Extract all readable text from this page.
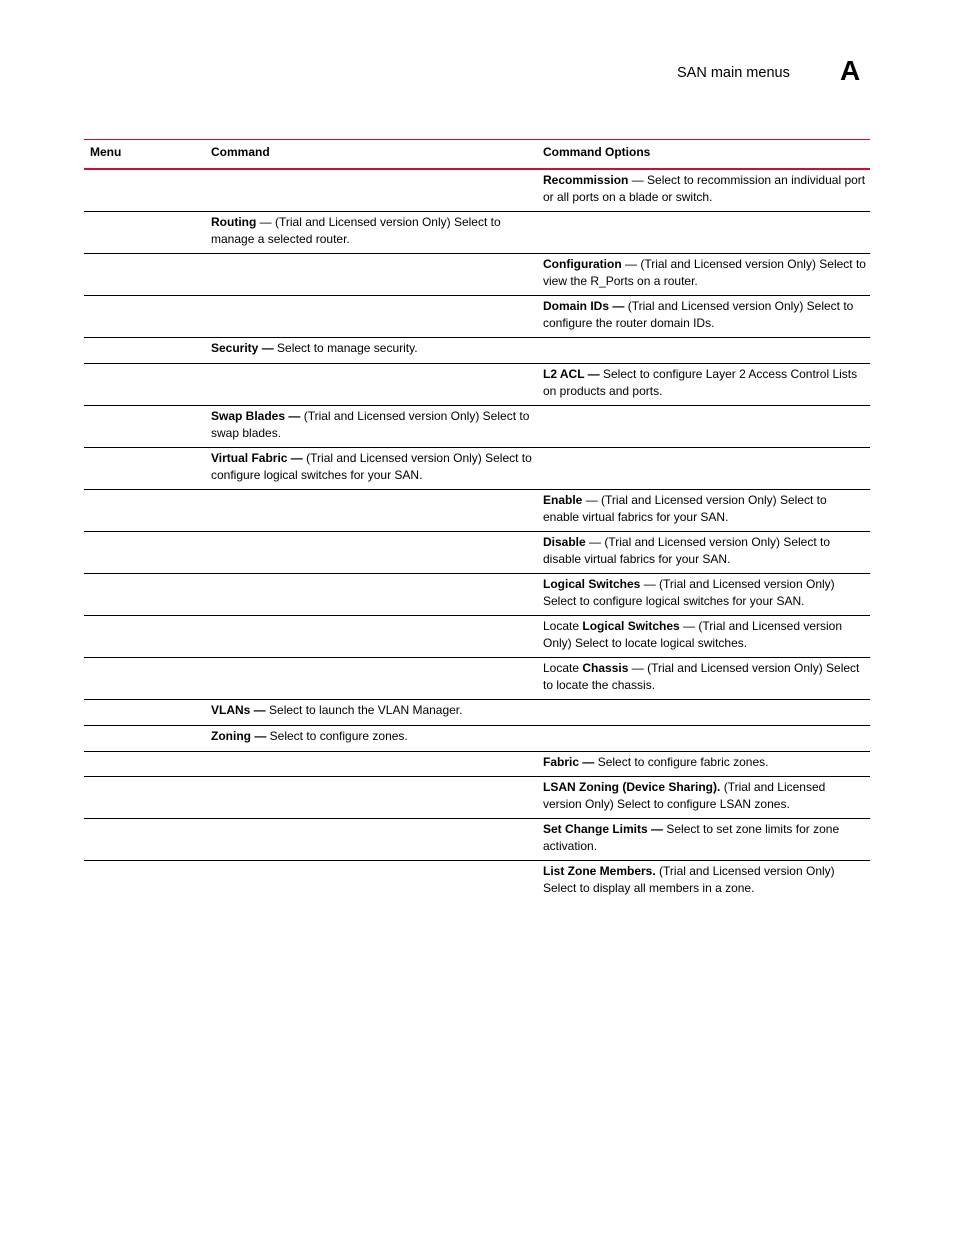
SAN main menus A
Menu	Command	Command Options
Recommission — Select to recommission an individual port or all ports on a blade or switch.
Routing — (Trial and Licensed version Only) Select to manage a selected router.
Configuration — (Trial and Licensed version Only) Select to view the R_Ports on a router.
Domain IDs — (Trial and Licensed version Only) Select to configure the router domain IDs.
Security — Select to manage security.
L2 ACL — Select to configure Layer 2 Access Control Lists on products and ports.
Swap Blades — (Trial and Licensed version Only) Select to swap blades.
Virtual Fabric — (Trial and Licensed version Only) Select to configure logical switches for your SAN.
Enable — (Trial and Licensed version Only) Select to enable virtual fabrics for your SAN.
Disable — (Trial and Licensed version Only) Select to disable virtual fabrics for your SAN.
Logical Switches — (Trial and Licensed version Only) Select to configure logical switches for your SAN.
Locate Logical Switches — (Trial and Licensed version Only) Select to locate logical switches.
Locate Chassis — (Trial and Licensed version Only) Select to locate the chassis.
VLANs — Select to launch the VLAN Manager.
Zoning — Select to configure zones.
Fabric — Select to configure fabric zones.
LSAN Zoning (Device Sharing). (Trial and Licensed version Only) Select to configure LSAN zones.
Set Change Limits — Select to set zone limits for zone activation.
List Zone Members. (Trial and Licensed version Only) Select to display all members in a zone.
